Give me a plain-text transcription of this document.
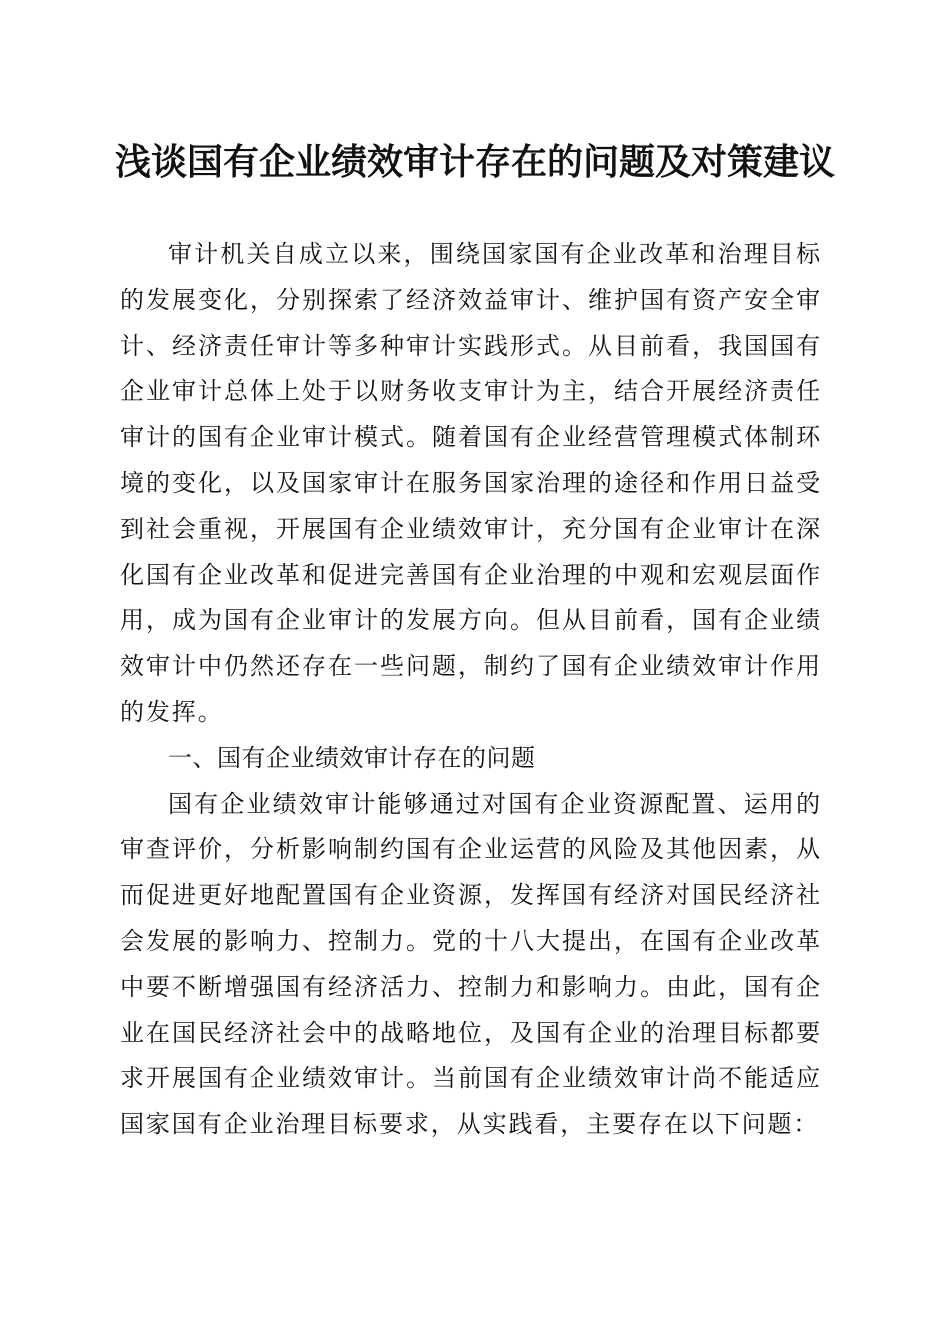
浅谈国有企业绩效审计存在的问题及对策建议

审计机关自成立以来，围绕国家国有企业改革和治理目标的发展变化，分别探索了经济效益审计、维护国有资产安全审计、经济责任审计等多种审计实践形式。从目前看，我国国有企业审计总体上处于以财务收支审计为主，结合开展经济责任审计的国有企业审计模式。随着国有企业经营管理模式体制环境的变化，以及国家审计在服务国家治理的途径和作用日益受到社会重视，开展国有企业绩效审计，充分国有企业审计在深化国有企业改革和促进完善国有企业治理的中观和宏观层面作用，成为国有企业审计的发展方向。但从目前看，国有企业绩效审计中仍然还存在一些问题，制约了国有企业绩效审计作用的发挥。

一、国有企业绩效审计存在的问题

国有企业绩效审计能够通过对国有企业资源配置、运用的审查评价，分析影响制约国有企业运营的风险及其他因素，从而促进更好地配置国有企业资源，发挥国有经济对国民经济社会发展的影响力、控制力。党的十八大提出，在国有企业改革中要不断增强国有经济活力、控制力和影响力。由此，国有企业在国民经济社会中的战略地位，及国有企业的治理目标都要求开展国有企业绩效审计。当前国有企业绩效审计尚不能适应国家国有企业治理目标要求，从实践看，主要存在以下问题：
